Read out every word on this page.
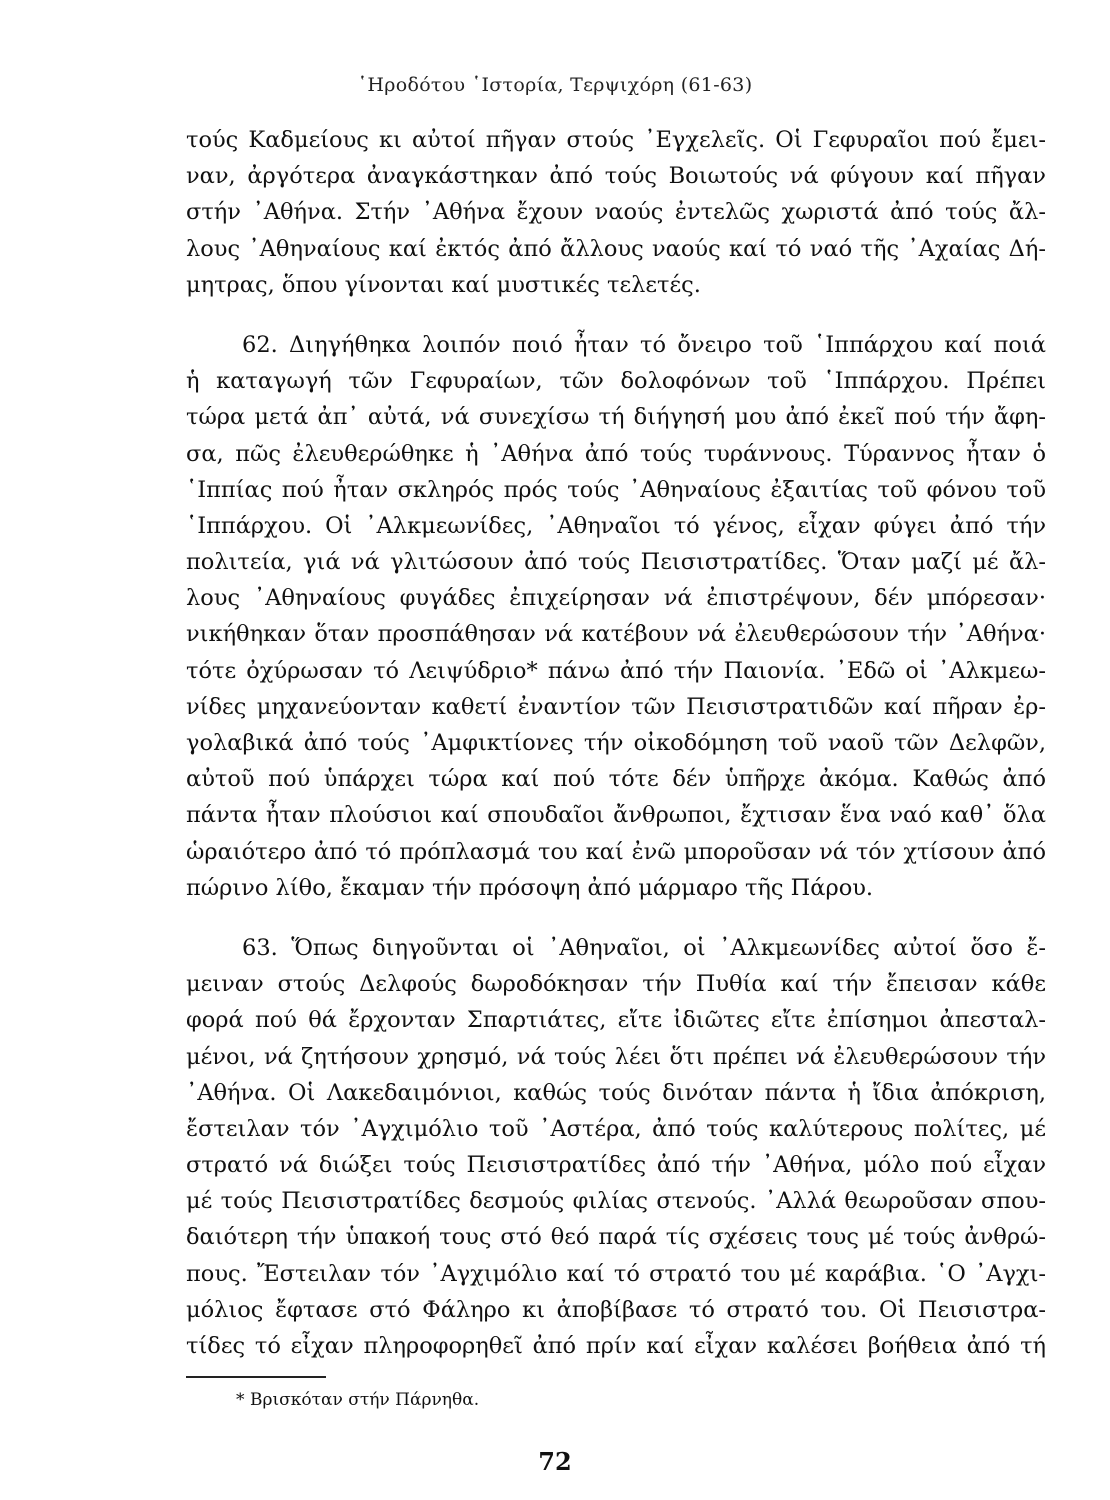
῾Ηροδότου ῾Ιστορία, Τερψιχόρη (61-63)
τούς Καδμείους κι αὐτοί πῆγαν στούς ᾿Εγχελεῖς. Οἱ Γεφυραῖοι πού ἔμει-
ναν, ἀργότερα ἀναγκάστηκαν ἀπό τούς Βοιωτούς νά φύγουν καί πῆγαν
στήν ᾿Αθήνα. Στήν ᾿Αθήνα ἔχουν ναούς ἐντελῶς χωριστά ἀπό τούς ἄλ-
λους ᾿Αθηναίους καί ἐκτός ἀπό ἄλλους ναούς καί τό ναό τῆς ᾿Αχαίας Δή-
μητρας, ὅπου γίνονται καί μυστικές τελετές.
62. Διηγήθηκα λοιπόν ποιό ἦταν τό ὄνειρο τοῦ ῾Ιππάρχου καί ποιά
ἡ καταγωγή τῶν Γεφυραίων, τῶν δολοφόνων τοῦ ῾Ιππάρχου. Πρέπει
τώρα μετά ἀπ᾿ αὐτά, νά συνεχίσω τή διήγησή μου ἀπό ἐκεῖ πού τήν ἄφη-
σα, πῶς ἐλευθερώθηκε ἡ ᾿Αθήνα ἀπό τούς τυράννους. Τύραννος ἦταν ὁ
῾Ιππίας πού ἦταν σκληρός πρός τούς ᾿Αθηναίους ἐξαιτίας τοῦ φόνου τοῦ
῾Ιππάρχου. Οἱ ᾿Αλκμεωνίδες, ᾿Αθηναῖοι τό γένος, εἶχαν φύγει ἀπό τήν
πολιτεία, γιά νά γλιτώσουν ἀπό τούς Πεισιστρατίδες. Ὅταν μαζί μέ ἄλ-
λους ᾿Αθηναίους φυγάδες ἐπιχείρησαν νά ἐπιστρέψουν, δέν μπόρεσαν·
νικήθηκαν ὅταν προσπάθησαν νά κατέβουν νά ἐλευθερώσουν τήν ᾿Αθήνα·
τότε ὀχύρωσαν τό Λειψύδριο* πάνω ἀπό τήν Παιονία. ᾿Εδῶ οἱ ᾿Αλκμεω-
νίδες μηχανεύονταν καθετί ἐναντίον τῶν Πεισιστρατιδῶν καί πῆραν ἐρ-
γολαβικά ἀπό τούς ᾿Αμφικτίονες τήν οἰκοδόμηση τοῦ ναοῦ τῶν Δελφῶν,
αὐτοῦ πού ὑπάρχει τώρα καί πού τότε δέν ὑπῆρχε ἀκόμα. Καθώς ἀπό
πάντα ἦταν πλούσιοι καί σπουδαῖοι ἄνθρωποι, ἔχτισαν ἕνα ναό καθ᾿ ὅλα
ὡραιότερο ἀπό τό πρόπλασμά του καί ἐνῶ μποροῦσαν νά τόν χτίσουν ἀπό
πώρινο λίθο, ἔκαμαν τήν πρόσοψη ἀπό μάρμαρο τῆς Πάρου.
63. Ὅπως διηγοῦνται οἱ ᾿Αθηναῖοι, οἱ ᾿Αλκμεωνίδες αὐτοί ὅσο ἔ-
μειναν στούς Δελφούς δωροδόκησαν τήν Πυθία καί τήν ἔπεισαν κάθε
φορά πού θά ἔρχονταν Σπαρτιάτες, εἴτε ἰδιῶτες εἴτε ἐπίσημοι ἀπεσταλ-
μένοι, νά ζητήσουν χρησμό, νά τούς λέει ὅτι πρέπει νά ἐλευθερώσουν τήν
᾿Αθήνα. Οἱ Λακεδαιμόνιοι, καθώς τούς δινόταν πάντα ἡ ἴδια ἀπόκριση,
ἔστειλαν τόν ᾿Αγχιμόλιο τοῦ ᾿Αστέρα, ἀπό τούς καλύτερους πολίτες, μέ
στρατό νά διώξει τούς Πεισιστρατίδες ἀπό τήν ᾿Αθήνα, μόλο πού εἶχαν
μέ τούς Πεισιστρατίδες δεσμούς φιλίας στενούς. ᾿Αλλά θεωροῦσαν σπου-
δαιότερη τήν ὑπακοή τους στό θεό παρά τίς σχέσεις τους μέ τούς ἀνθρώ-
πους. Ἔστειλαν τόν ᾿Αγχιμόλιο καί τό στρατό του μέ καράβια. ῾Ο ᾿Αγχι-
μόλιος ἔφτασε στό Φάληρο κι ἀποβίβασε τό στρατό του. Οἱ Πεισιστρα-
τίδες τό εἶχαν πληροφορηθεῖ ἀπό πρίν καί εἶχαν καλέσει βοήθεια ἀπό τή
* Βρισκόταν στήν Πάρνηθα.
72
